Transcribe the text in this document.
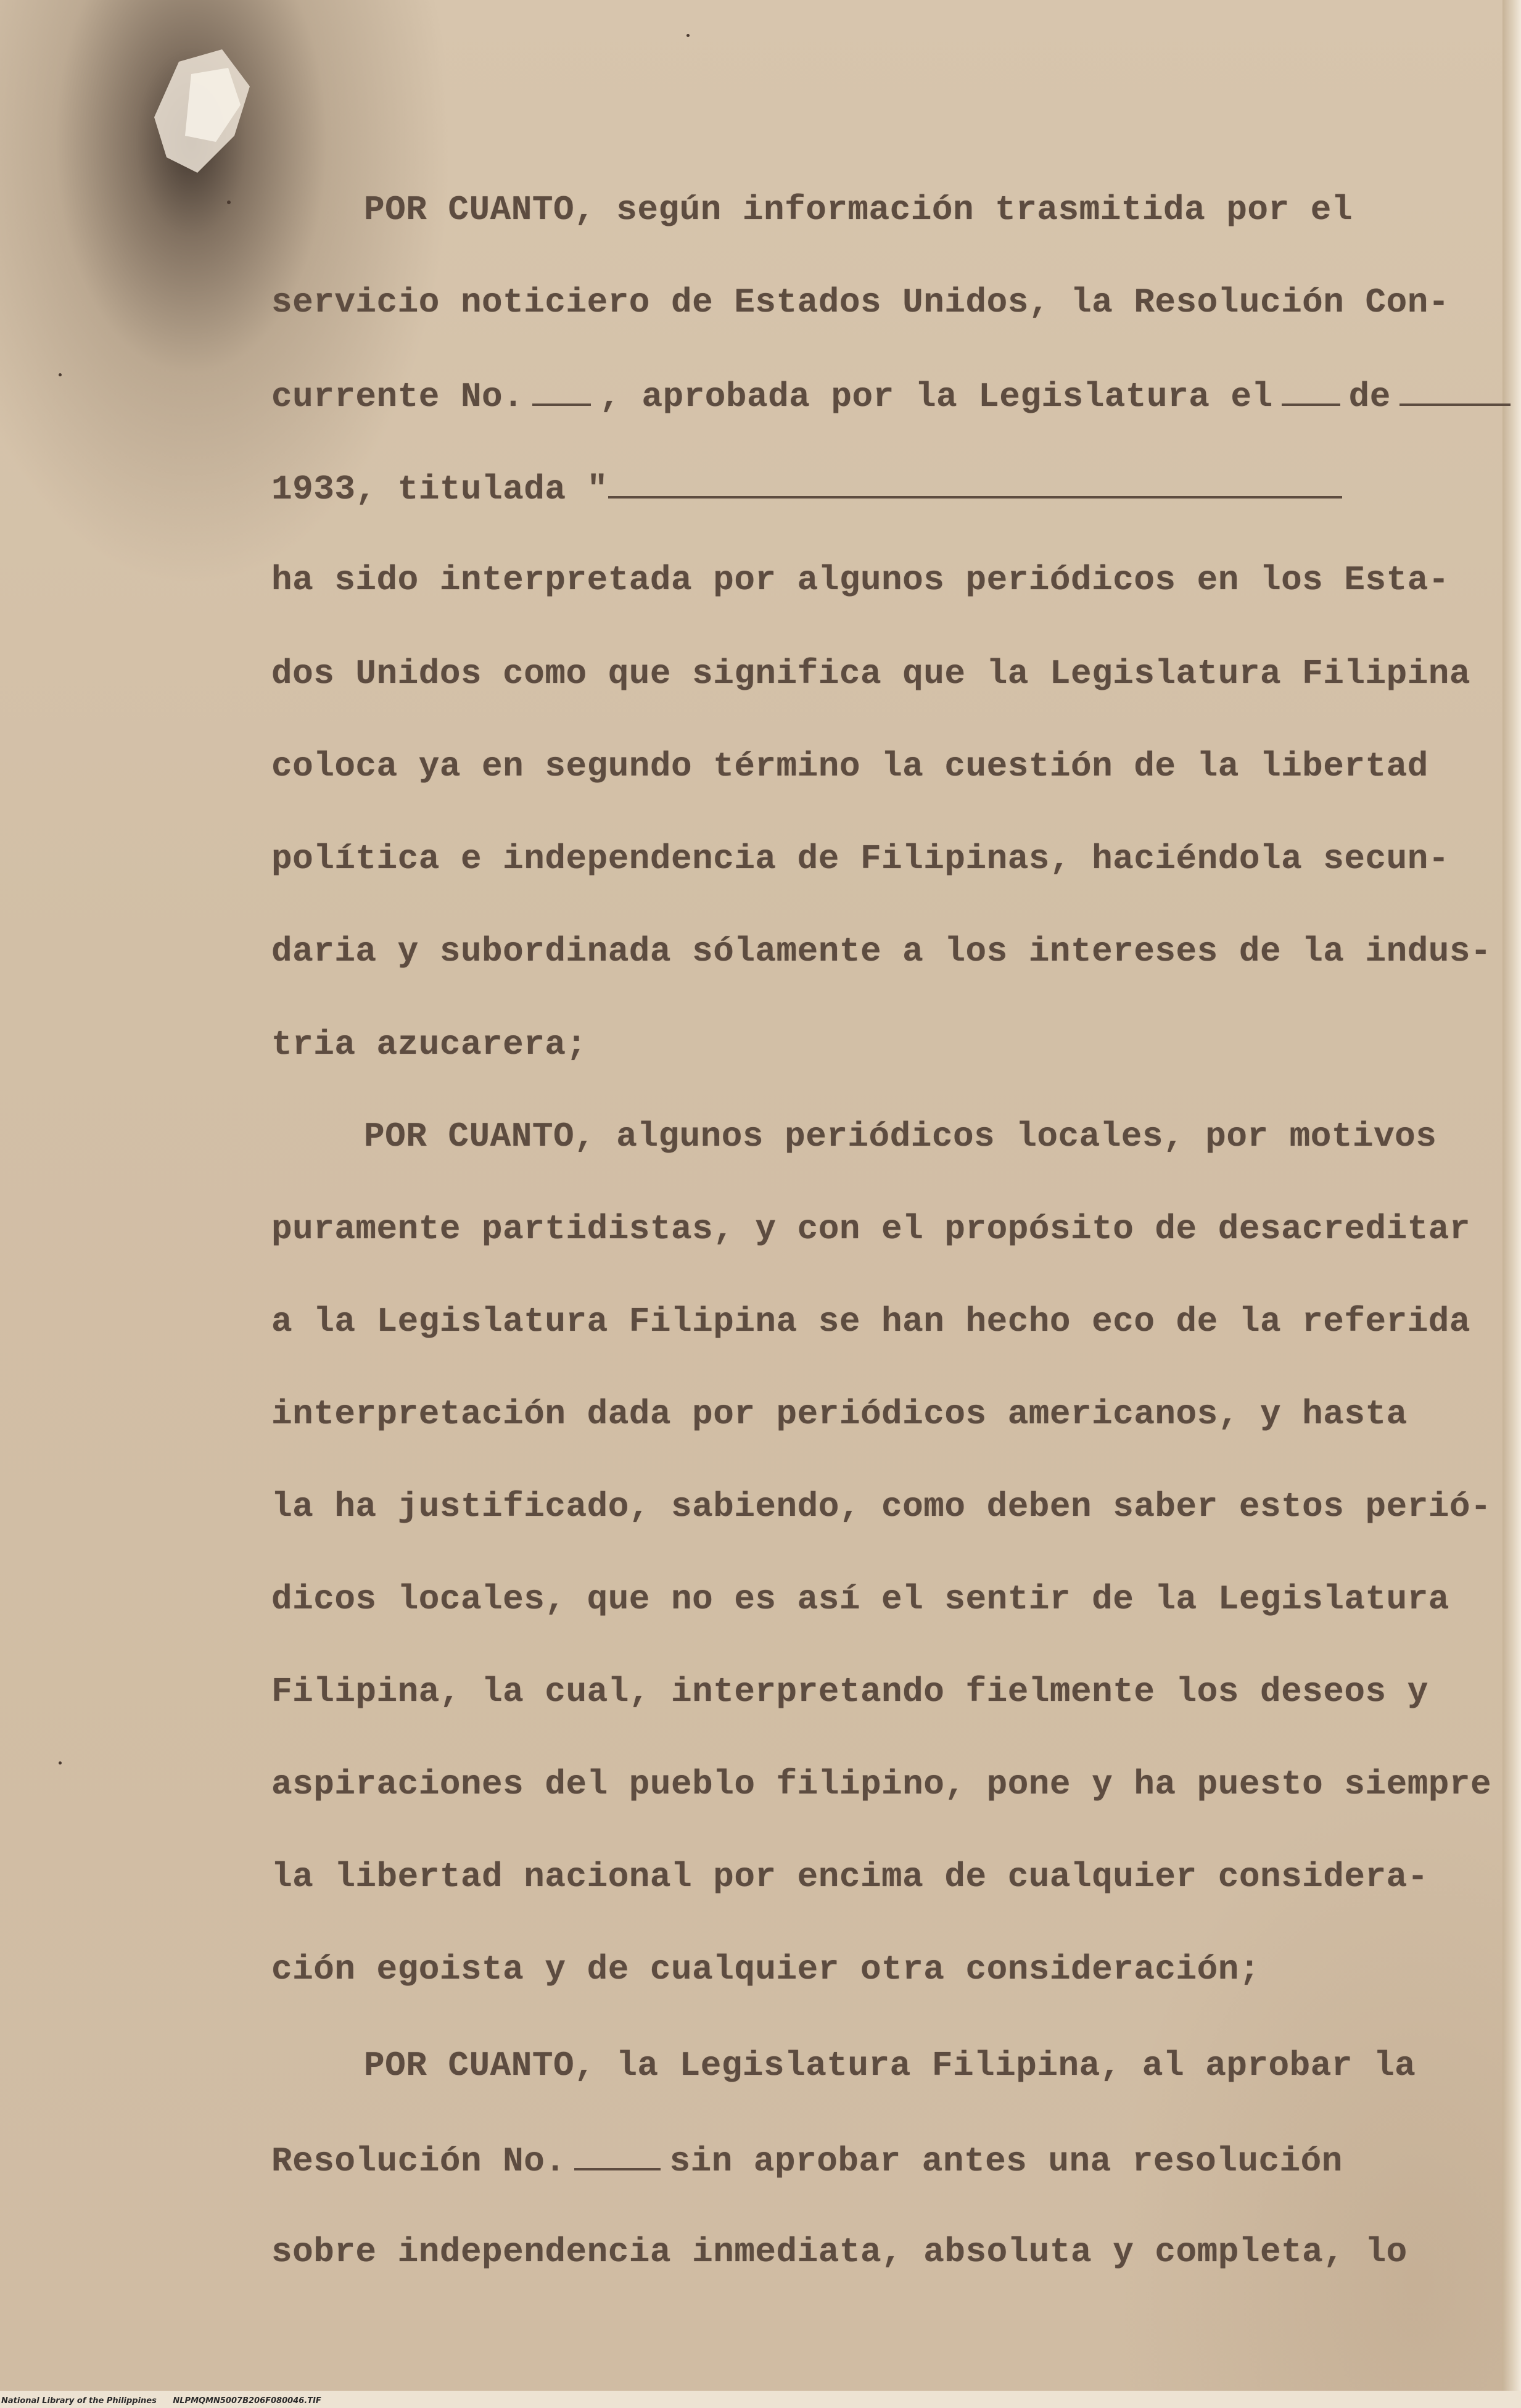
POR CUANTO, según información trasmitida por el
servicio noticiero de Estados Unidos, la Resolución Con-
currente No. , aprobada por la Legislatura el de
1933, titulada "
ha sido interpretada por algunos periódicos en los Esta-
dos Unidos como que significa que la Legislatura Filipina
coloca ya en segundo término la cuestión de la libertad
política e independencia de Filipinas, haciéndola secun-
daria y subordinada sólamente a los intereses de la indus-
tria azucarera;
POR CUANTO, algunos periódicos locales, por motivos
puramente partidistas, y con el propósito de desacreditar
a la Legislatura Filipina se han hecho eco de la referida
interpretación dada por periódicos americanos, y hasta
la ha justificado, sabiendo, como deben saber estos perió-
dicos locales, que no es así el sentir de la Legislatura
Filipina, la cual, interpretando fielmente los deseos y
aspiraciones del pueblo filipino, pone y ha puesto siempre
la libertad nacional por encima de cualquier considera-
ción egoista y de cualquier otra consideración;
POR CUANTO, la Legislatura Filipina, al aprobar la
Resolución No.	sin aprobar antes una resolución
sobre independencia inmediata, absoluta y completa, lo
National Library of the Philippines NLPMQMN5007B206F080046.TIF
